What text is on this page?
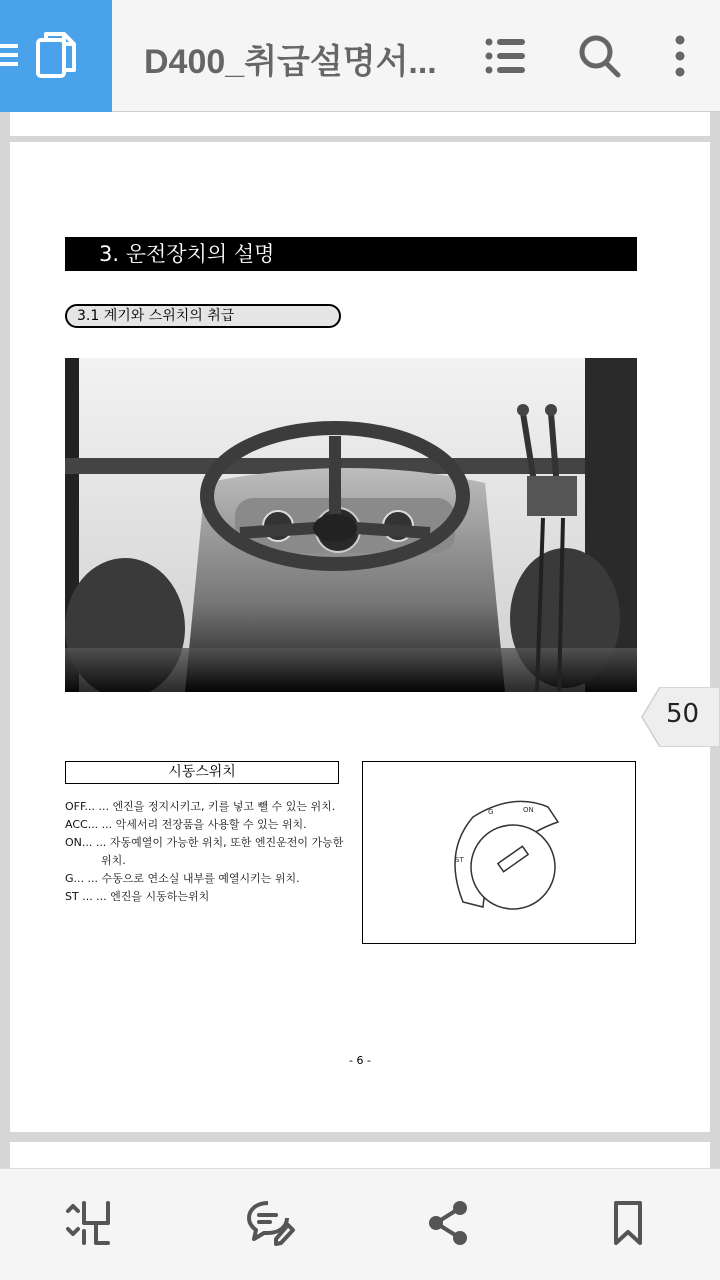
D400_취급설명서...
3. 운전장치의 설명
3.1 계기와 스위치의 취급
시동스위치
OFF... ... 엔진을 정지시키고, 키를 넣고 뺄 수 있는 위치.
ACC... ... 악세서리 전장품을 사용할 수 있는 위치.
ON... ... 자동예열이 가능한 위치, 또한 엔진운전이 가능한
위치.
G... ... 수동으로 연소실 내부를 예열시키는 위치.
ST ... ... 엔진을 시동하는위치
ST
G	ON
- 6 -
50
